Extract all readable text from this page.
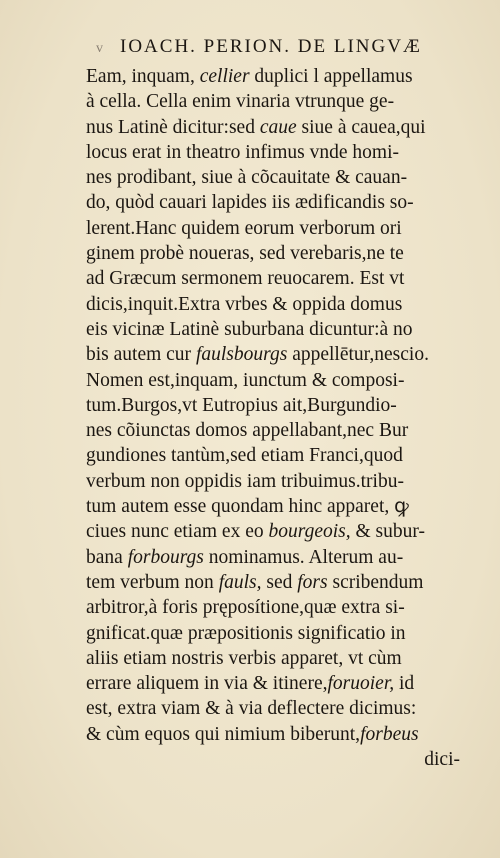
v IOACH. PERION. DE LINGVÆ
Eam, inquam, cellier duplici l appellamus
à cella. Cella enim vinaria vtrunque ge-
nus Latinè dicitur:sed caue siue à cauea,qui
locus erat in theatro infimus vnde homi-
nes prodibant, siue à cõcauitate & cauan-
do, quòd cauari lapides iis ædificandis so-
lerent.Hanc quidem eorum verborum ori
ginem probè noueras, sed verebaris,ne te
ad Græcum sermonem reuocarem. Est vt
dicis,inquit.Extra vrbes & oppida domus
eis vicinæ Latinè suburbana dicuntur:à no
bis autem cur faulsbourgs appellētur,nescio.
Nomen est,inquam, iunctum & composi-
tum.Burgos,vt Eutropius ait,Burgundio-
nes cõiunctas domos appellabant,nec Bur
gundiones tantùm,sed etiam Franci,quod
verbum non oppidis iam tribuimus.tribu-
tum autem esse quondam hinc apparet, ꝙ
ciues nunc etiam ex eo bourgeois, & subur-
bana forbourgs nominamus. Alterum au-
tem verbum non fauls, sed fors scribendum
arbitror,à foris pręposítione,quæ extra si-
gnificat.quæ præpositionis significatio in
aliis etiam nostris verbis apparet, vt cùm
errare aliquem in via & itinere,foruoier, id
est, extra viam & à via deflectere dicimus:
& cùm equos qui nimium biberunt,forbeus
dici-
